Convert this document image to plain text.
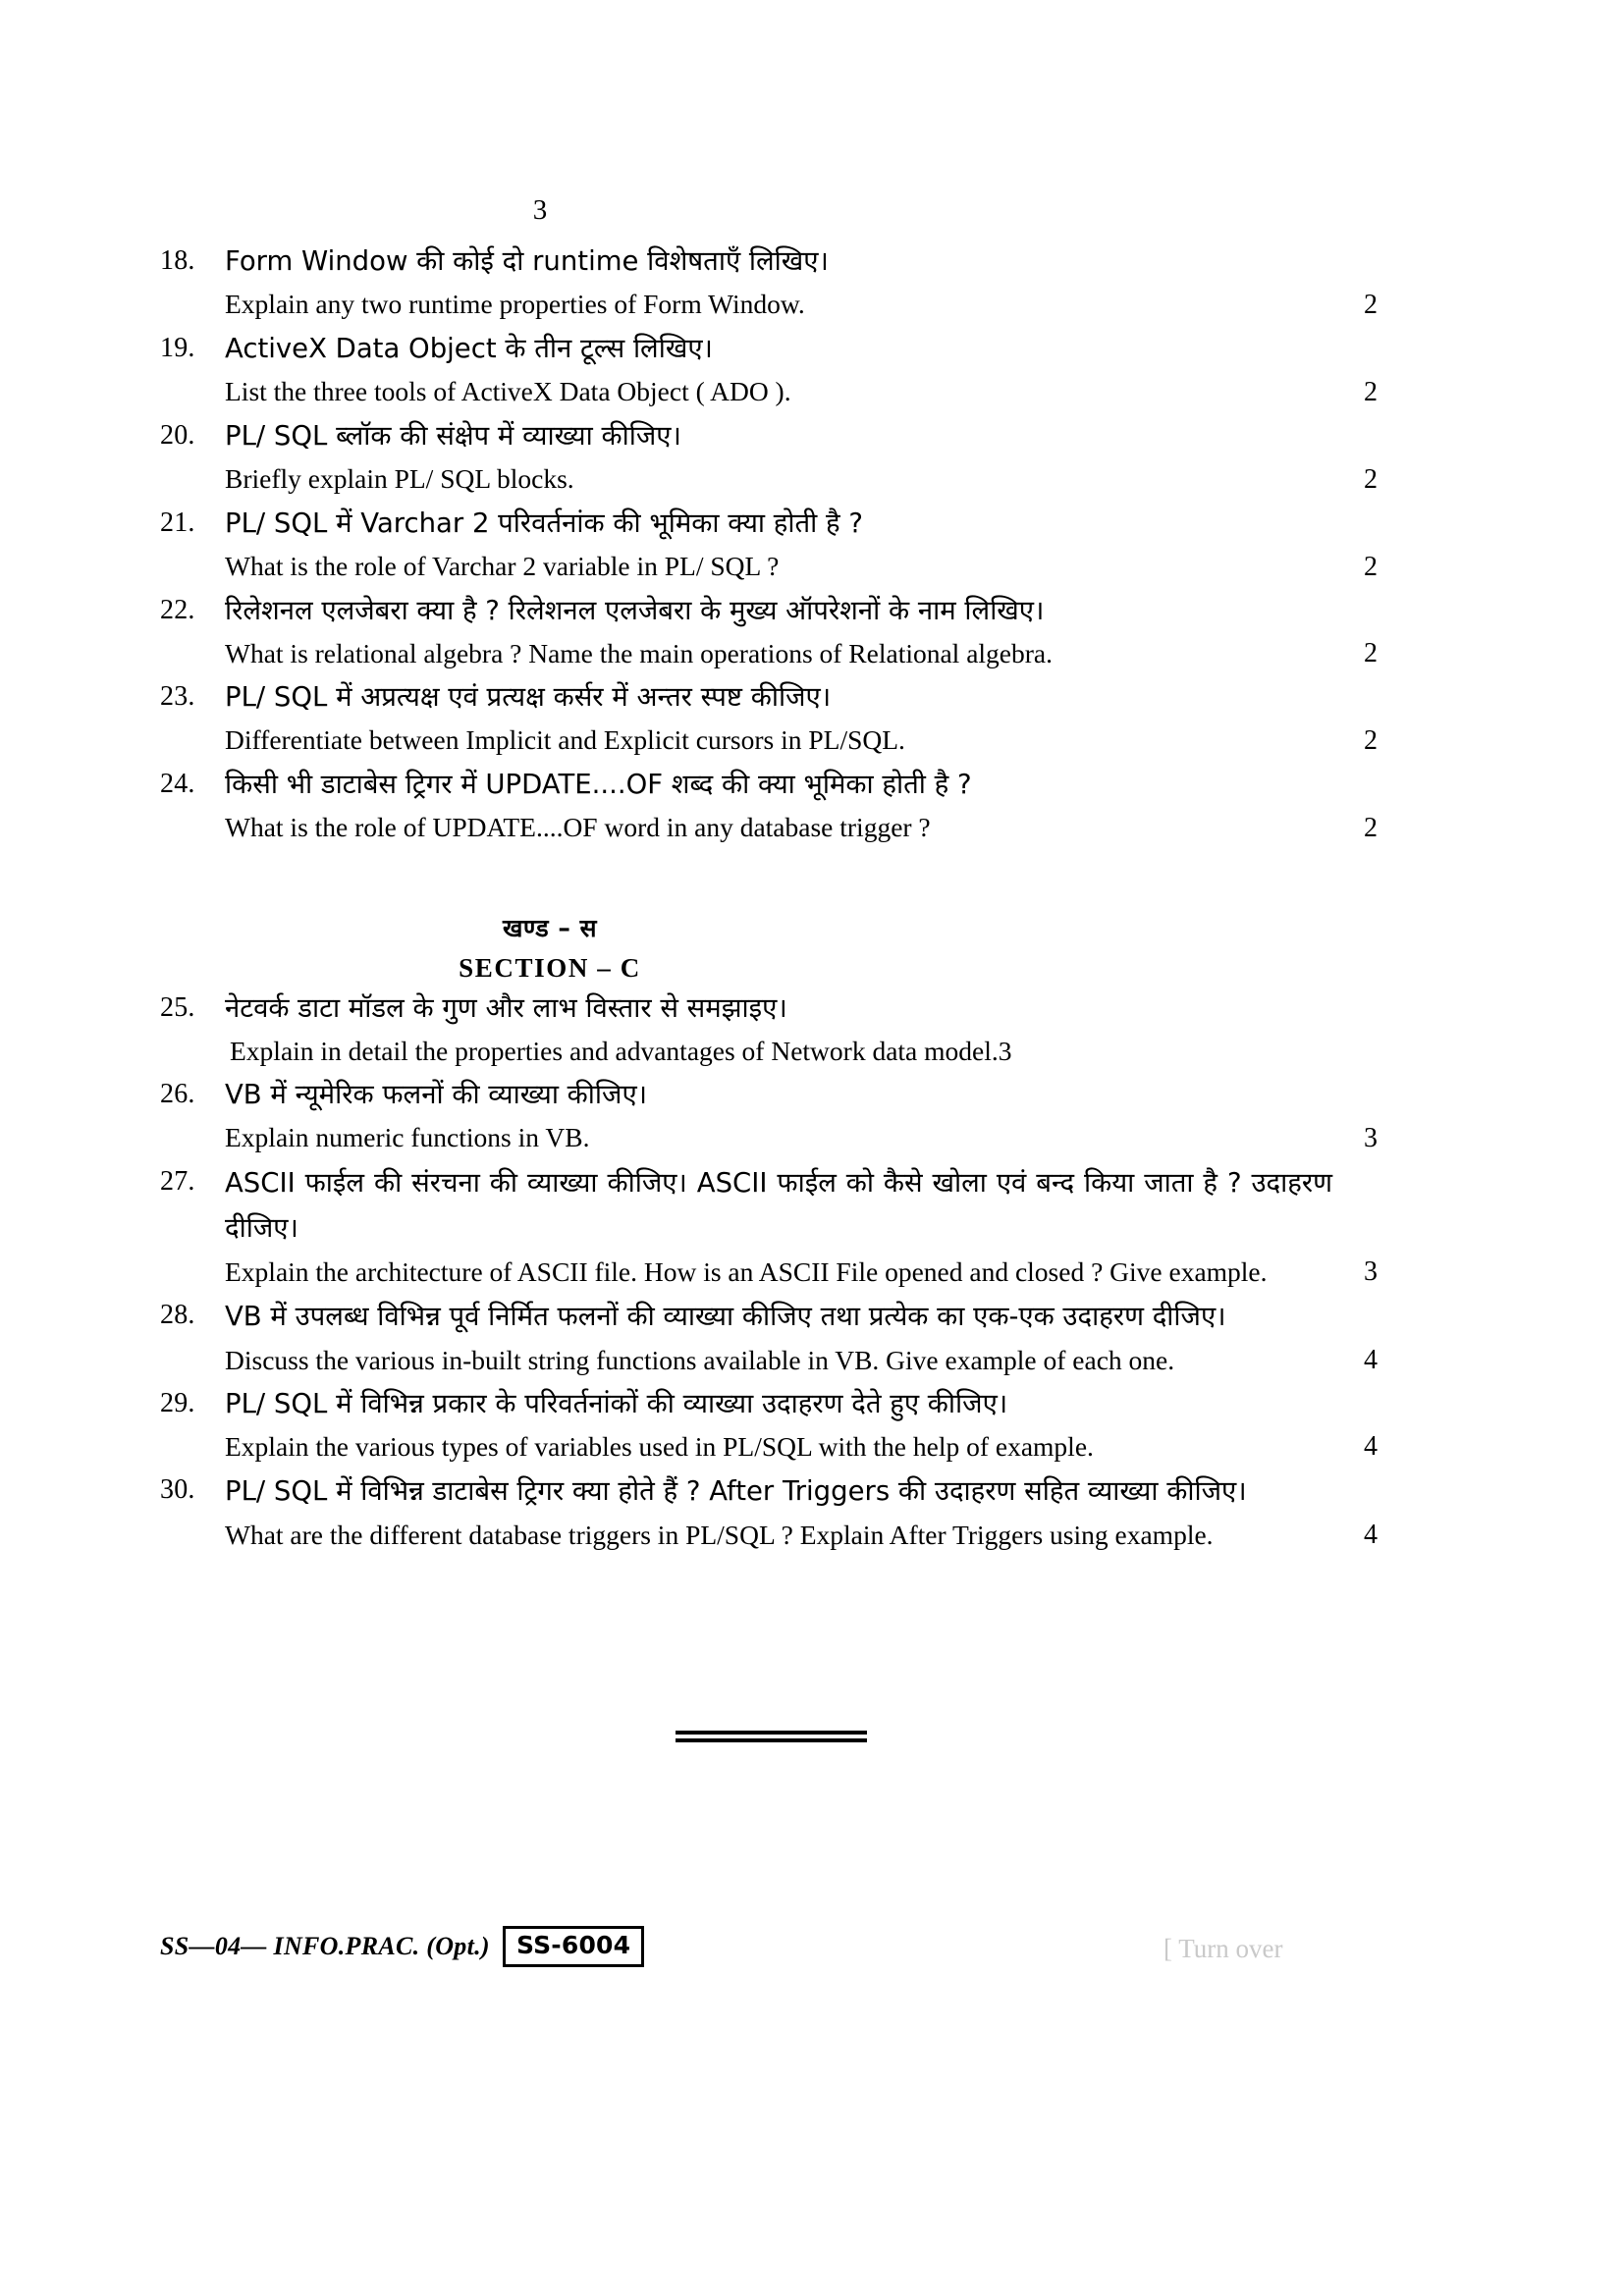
3
18.	Form Window की कोई दो runtime विशेषताएँ लिखिए।
Explain any two runtime properties of Form Window.	2
19.	ActiveX Data Object के तीन टूल्स लिखिए।
List the three tools of ActiveX Data Object ( ADO ).	2
20.	PL/ SQL ब्लॉक की संक्षेप में व्याख्या कीजिए।
Briefly explain PL/ SQL blocks.	2
21.	PL/ SQL में Varchar 2 परिवर्तनांक की भूमिका क्या होती है ?
What is the role of Varchar 2 variable in PL/ SQL ?	2
22.	रिलेशनल एलजेबरा क्या है ? रिलेशनल एलजेबरा के मुख्य ऑपरेशनों के नाम लिखिए।
What is relational algebra ? Name the main operations of Relational algebra.	2
23.	PL/ SQL में अप्रत्यक्ष एवं प्रत्यक्ष कर्सर में अन्तर स्पष्ट कीजिए।
Differentiate between Implicit and Explicit cursors in PL/SQL.	2
24.	किसी भी डाटाबेस ट्रिगर में UPDATE....OF शब्द की क्या भूमिका होती है ?
What is the role of UPDATE....OF word in any database trigger ?	2
खण्ड – स
SECTION – C
25.	नेटवर्क डाटा मॉडल के गुण और लाभ विस्तार से समझाइए।
Explain in detail the properties and advantages of Network data model.3
26.	VB में न्यूमेरिक फलनों की व्याख्या कीजिए।
Explain numeric functions in VB.	3
27.	ASCII फाईल की संरचना की व्याख्या कीजिए। ASCII फाईल को कैसे खोला एवं बन्द किया जाता है ? उदाहरण दीजिए।
Explain the architecture of ASCII file. How is an ASCII File opened and closed ? Give example.	3
28.	VB में उपलब्ध विभिन्न पूर्व निर्मित फलनों की व्याख्या कीजिए तथा प्रत्येक का एक-एक उदाहरण दीजिए।
Discuss the various in-built string functions available in VB. Give example of each one.	4
29.	PL/ SQL में विभिन्न प्रकार के परिवर्तनांकों की व्याख्या उदाहरण देते हुए कीजिए।
Explain the various types of variables used in PL/SQL with the help of example.	4
30.	PL/ SQL में विभिन्न डाटाबेस ट्रिगर क्या होते हैं ? After Triggers की उदाहरण सहित व्याख्या कीजिए।
What are the different database triggers in PL/SQL ? Explain After Triggers using example.	4
SS—04— INFO.PRAC. (Opt.)	SS-6004	[ Turn over
